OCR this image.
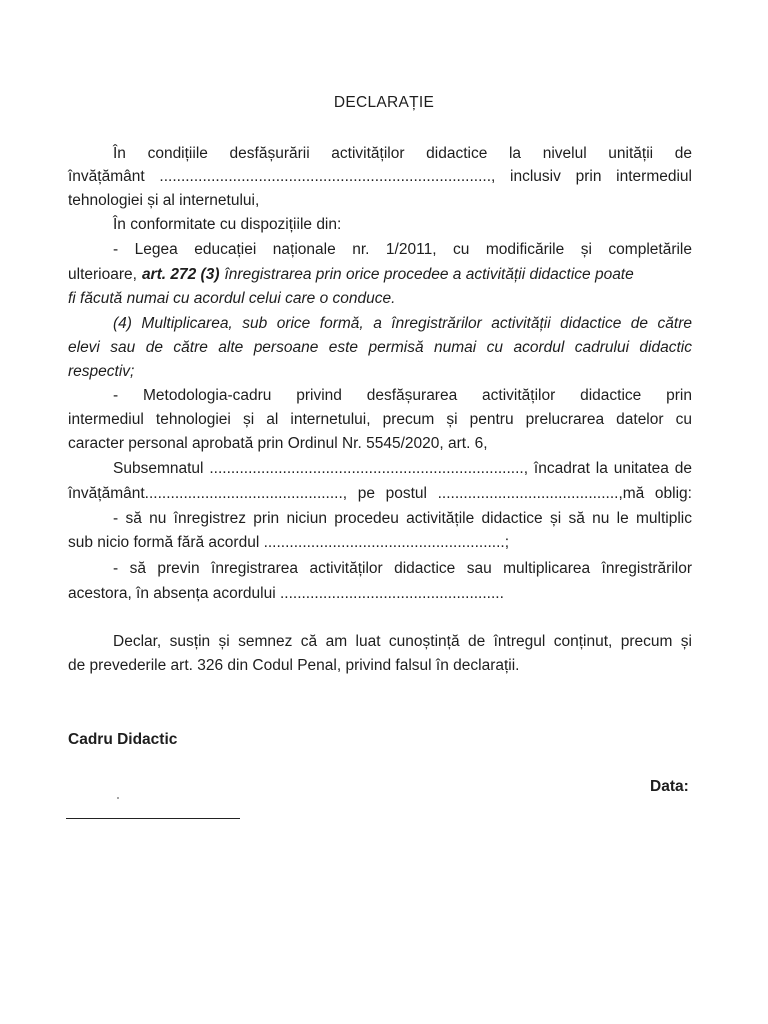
DECLARAȚIE
În condițiile desfășurării activităților didactice la nivelul unității de
învățământ ............................................................................., inclusiv prin intermediul
tehnologiei și al internetului,
În conformitate cu dispozițiile din:
- Legea educației naționale nr. 1/2011, cu modificările și completările
ulterioare, art. 272 (3) înregistrarea prin orice procedee a activității didactice poate
fi făcută numai cu acordul celui care o conduce.
(4) Multiplicarea, sub orice formă, a înregistrărilor activității didactice de către
elevi sau de către alte persoane este permisă numai cu acordul cadrului didactic
respectiv;
- Metodologia-cadru privind desfășurarea activităților didactice prin
intermediul tehnologiei și al internetului, precum și pentru prelucrarea datelor cu
caracter personal aprobată prin Ordinul Nr. 5545/2020, art. 6,
Subsemnatul ........................................................................., încadrat la unitatea de
învățământ.............................................., pe postul ..........................................,mă oblig:
- să nu înregistrez prin niciun procedeu activitățile didactice și să nu le multiplic
sub nicio formă fără acordul ........................................................;
- să previn înregistrarea activităților didactice sau multiplicarea înregistrărilor
acestora, în absența acordului ....................................................
Declar, susțin și semnez că am luat cunoștință de întregul conținut, precum și
de prevederile art. 326 din Codul Penal, privind falsul în declarații.
Cadru Didactic
Data:
